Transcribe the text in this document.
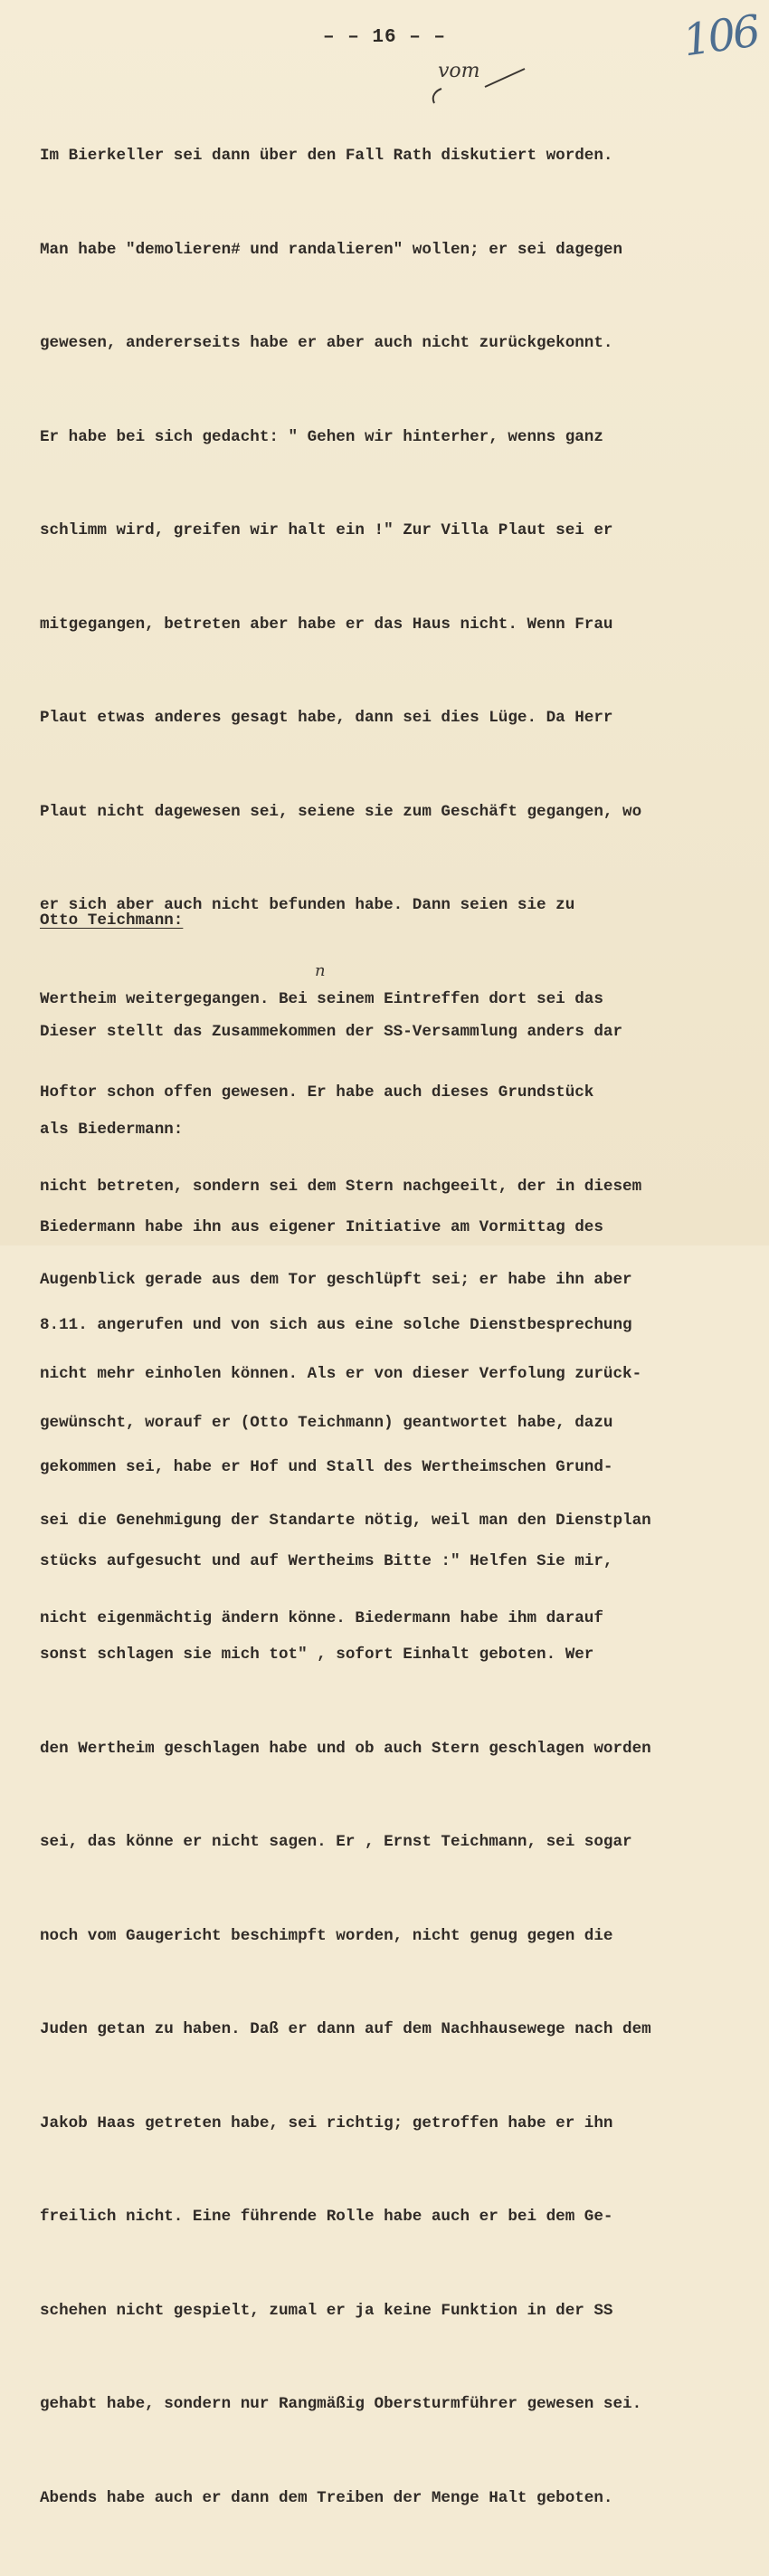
– – 16 – –	106
vom

Im Bierkeller sei dann über den Fall Rath diskutiert worden.

Man habe "demolieren# und randalieren" wollen; er sei dagegen

gewesen, andererseits habe er aber auch nicht zurückgekonnt.

Er habe bei sich gedacht: " Gehen wir hinterher, wenns ganz

schlimm wird, greifen wir halt ein !" Zur Villa Plaut sei er

mitgegangen, betreten aber habe er das Haus nicht. Wenn Frau

Plaut etwas anderes gesagt habe, dann sei dies Lüge. Da Herr

Plaut nicht dagewesen sei, seiene sie zum Geschäft gegangen, wo

er sich aber auch nicht befunden habe. Dann seien sie zu

Wertheim weitergegangen. Bei seinem Eintreffen dort sei das

Hoftor schon offen gewesen. Er habe auch dieses Grundstück

nicht betreten, sondern sei dem Stern nachgeeilt, der in diesem

Augenblick gerade aus dem Tor geschlüpft sei; er habe ihn aber

nicht mehr einholen können. Als er von dieser Verfolung zurück-

gekommen sei, habe er Hof und Stall des Wertheimschen Grund-

stücks aufgesucht und auf Wertheims Bitte :" Helfen Sie mir,

sonst schlagen sie mich tot" , sofort Einhalt geboten. Wer

den Wertheim geschlagen habe und ob auch Stern geschlagen worden

sei, das könne er nicht sagen. Er , Ernst Teichmann, sei sogar

noch vom Gaugericht beschimpft worden, nicht genug gegen die

Juden getan zu haben. Daß er dann auf dem Nachhausewege nach dem

Jakob Haas getreten habe, sei richtig; getroffen habe er ihn

freilich nicht. Eine führende Rolle habe auch er bei dem Ge-

schehen nicht gespielt, zumal er ja keine Funktion in der SS

gehabt habe, sondern nur Rangmäßig Obersturmführer gewesen sei.

Abends habe auch er dann dem Treiben der Menge Halt geboten.

Otto Teichmann:
n

Dieser stellt das Zusammekommen der SS-Versammlung anders dar

als Biedermann:

Biedermann habe ihn aus eigener Initiative am Vormittag des

8.11. angerufen und von sich aus eine solche Dienstbesprechung

gewünscht, worauf er (Otto Teichmann) geantwortet habe, dazu

sei die Genehmigung der Standarte nötig, weil man den Dienstplan

nicht eigenmächtig ändern könne. Biedermann habe ihm darauf
